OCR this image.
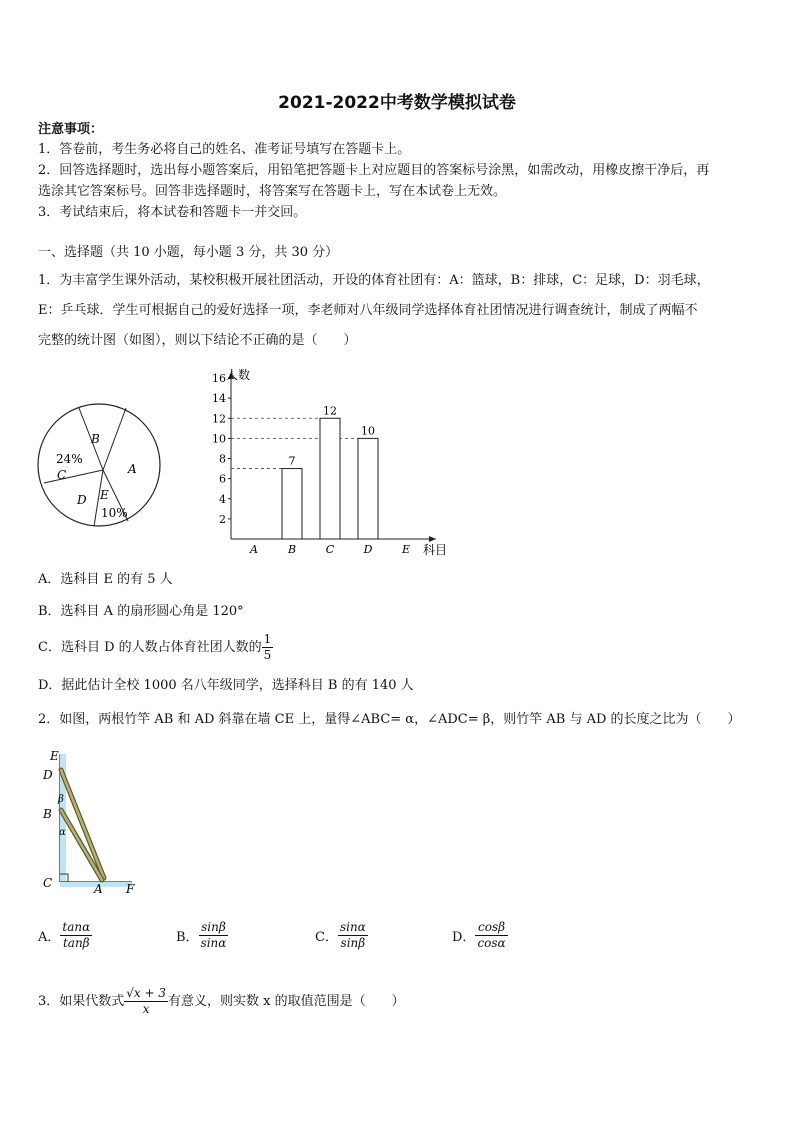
2021-2022中考数学模拟试卷
注意事项：
1．答卷前，考生务必将自己的姓名、准考证号填写在答题卡上。
2．回答选择题时，选出每小题答案后，用铅笔把答题卡上对应题目的答案标号涂黑，如需改动，用橡皮擦干净后，再
选涂其它答案标号。回答非选择题时，将答案写在答题卡上，写在本试卷上无效。
3．考试结束后，将本试卷和答题卡一并交回。
一、选择题（共 10 小题，每小题 3 分，共 30 分）
1．为丰富学生课外活动，某校积极开展社团活动，开设的体育社团有：A：篮球，B：排球，C：足球，D：羽毛球，
E：乒乓球．学生可根据自己的爱好选择一项，李老师对八年级同学选择体育社团情况进行调查统计，制成了两幅不
完整的统计图（如图），则以下结论不正确的是（　　）
B
A
24%
C
D E
10%	2
4
6
8
10
12
14
16
A	B
7
C
12
D
10
E
人数
科目
A．选科目 E 的有 5 人
B．选科目 A 的扇形圆心角是 120°
C．选科目 D 的人数占体育社团人数的 $\frac{1}{5}$
D．据此估计全校 1000 名八年级同学，选择科目 B 的有 140 人
2．如图，两根竹竿 AB 和 AD 斜靠在墙 CE 上，量得∠ABC= α，∠ADC= β，则竹竿 AB 与 AD 的长度之比为（　　）
E
D
B
C	A F
β
α
A． $\frac{\tan\alpha}{\tan\beta}$	B． $\frac{\sin\beta}{\sin\alpha}$	C． $\frac{\sin\alpha}{\sin\beta}$	D． $\frac{\cos\beta}{\cos\alpha}$
3．如果代数式 $\frac{√x + 3}{x}$ 有意义，则实数 x 的取值范围是（　　）
